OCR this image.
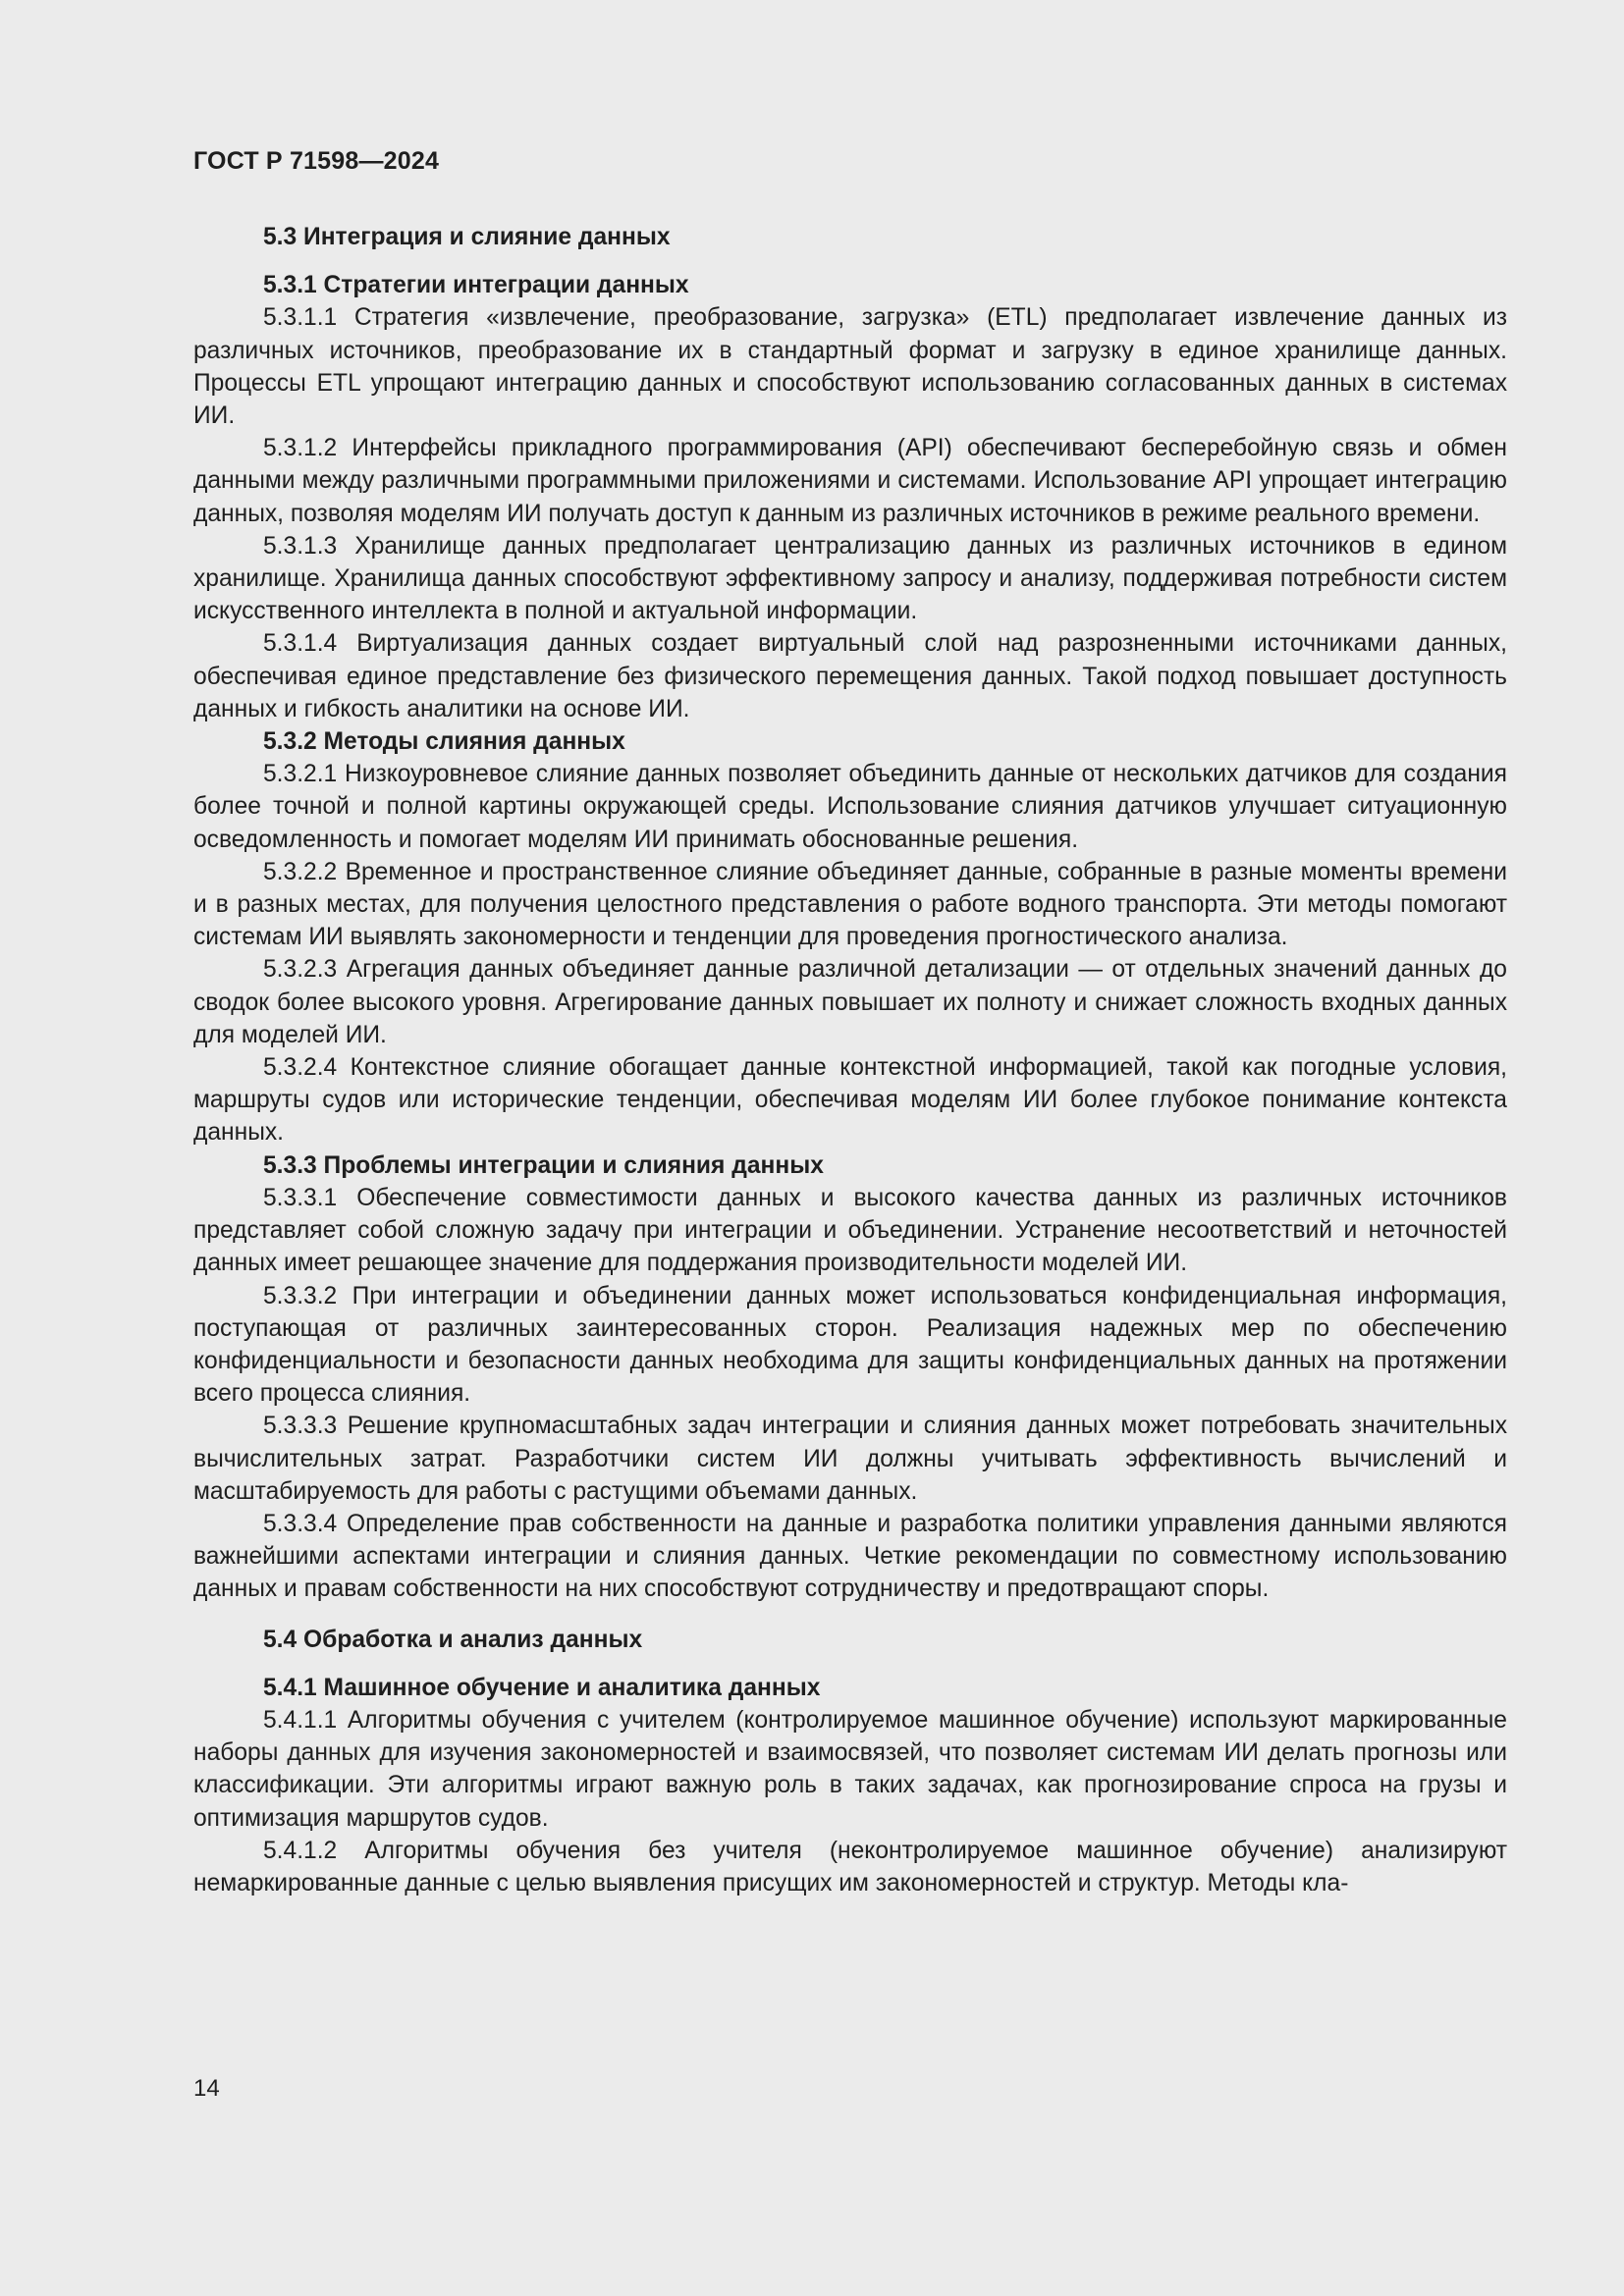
ГОСТ Р 71598—2024
5.3 Интеграция и слияние данных
5.3.1 Стратегии интеграции данных

5.3.1.1 Стратегия «извлечение, преобразование, загрузка» (ETL) предполагает извлечение данных из различных источников, преобразование их в стандартный формат и загрузку в единое хранилище данных. Процессы ETL упрощают интеграцию данных и способствуют использованию согласованных данных в системах ИИ.

5.3.1.2 Интерфейсы прикладного программирования (API) обеспечивают бесперебойную связь и обмен данными между различными программными приложениями и системами. Использование API упрощает интеграцию данных, позволяя моделям ИИ получать доступ к данным из различных источников в режиме реального времени.

5.3.1.3 Хранилище данных предполагает централизацию данных из различных источников в едином хранилище. Хранилища данных способствуют эффективному запросу и анализу, поддерживая потребности систем искусственного интеллекта в полной и актуальной информации.

5.3.1.4 Виртуализация данных создает виртуальный слой над разрозненными источниками данных, обеспечивая единое представление без физического перемещения данных. Такой подход повышает доступность данных и гибкость аналитики на основе ИИ.

5.3.2 Методы слияния данных

5.3.2.1 Низкоуровневое слияние данных позволяет объединить данные от нескольких датчиков для создания более точной и полной картины окружающей среды. Использование слияния датчиков улучшает ситуационную осведомленность и помогает моделям ИИ принимать обоснованные решения.

5.3.2.2 Временное и пространственное слияние объединяет данные, собранные в разные моменты времени и в разных местах, для получения целостного представления о работе водного транспорта. Эти методы помогают системам ИИ выявлять закономерности и тенденции для проведения прогностического анализа.

5.3.2.3 Агрегация данных объединяет данные различной детализации — от отдельных значений данных до сводок более высокого уровня. Агрегирование данных повышает их полноту и снижает сложность входных данных для моделей ИИ.

5.3.2.4 Контекстное слияние обогащает данные контекстной информацией, такой как погодные условия, маршруты судов или исторические тенденции, обеспечивая моделям ИИ более глубокое понимание контекста данных.

5.3.3 Проблемы интеграции и слияния данных

5.3.3.1 Обеспечение совместимости данных и высокого качества данных из различных источников представляет собой сложную задачу при интеграции и объединении. Устранение несоответствий и неточностей данных имеет решающее значение для поддержания производительности моделей ИИ.

5.3.3.2 При интеграции и объединении данных может использоваться конфиденциальная информация, поступающая от различных заинтересованных сторон. Реализация надежных мер по обеспечению конфиденциальности и безопасности данных необходима для защиты конфиденциальных данных на протяжении всего процесса слияния.

5.3.3.3 Решение крупномасштабных задач интеграции и слияния данных может потребовать значительных вычислительных затрат. Разработчики систем ИИ должны учитывать эффективность вычислений и масштабируемость для работы с растущими объемами данных.

5.3.3.4 Определение прав собственности на данные и разработка политики управления данными являются важнейшими аспектами интеграции и слияния данных. Четкие рекомендации по совместному использованию данных и правам собственности на них способствуют сотрудничеству и предотвращают споры.

5.4 Обработка и анализ данных
5.4.1 Машинное обучение и аналитика данных

5.4.1.1 Алгоритмы обучения с учителем (контролируемое машинное обучение) используют маркированные наборы данных для изучения закономерностей и взаимосвязей, что позволяет системам ИИ делать прогнозы или классификации. Эти алгоритмы играют важную роль в таких задачах, как прогнозирование спроса на грузы и оптимизация маршрутов судов.

5.4.1.2 Алгоритмы обучения без учителя (неконтролируемое машинное обучение) анализируют немаркированные данные с целью выявления присущих им закономерностей и структур. Методы кла-

14
